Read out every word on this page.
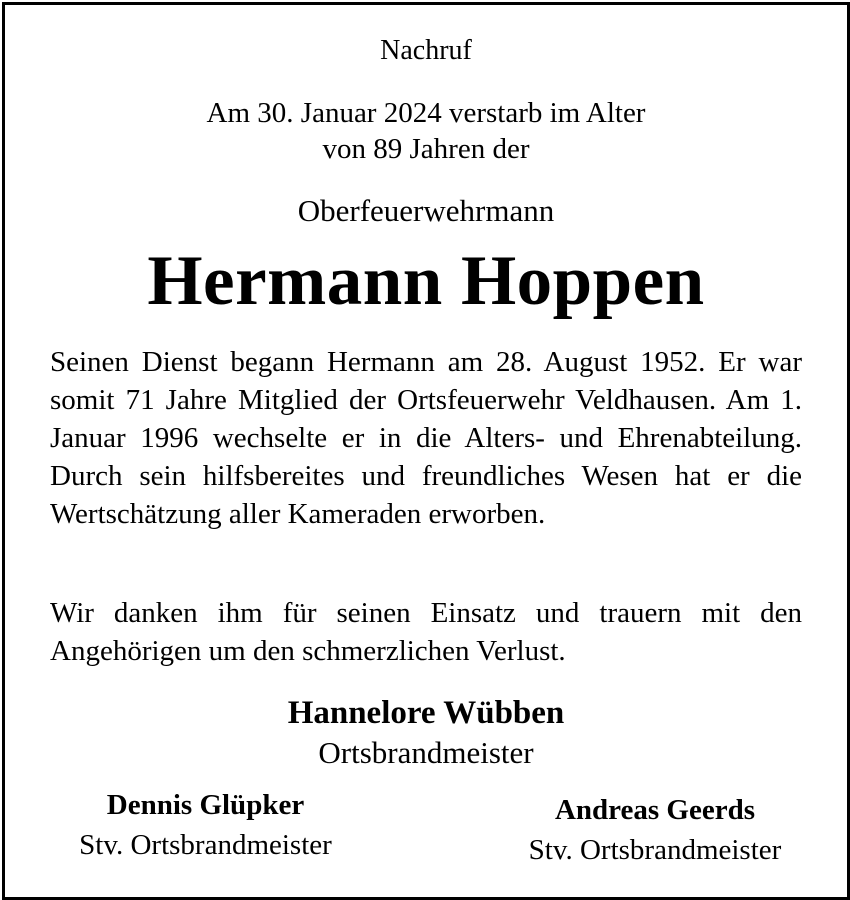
Nachruf
Am 30. Januar 2024 verstarb im Alter
von 89 Jahren der
Oberfeuerwehrmann
Hermann Hoppen

Seinen Dienst begann Hermann am 28. August 1952. Er war somit 71 Jahre Mitglied der Ortsfeuerwehr Veldhausen. Am 1. Januar 1996 wechselte er in die Alters- und Ehrenabteilung. Durch sein hilfsbereites und freundliches Wesen hat er die Wertschätzung aller Kameraden erworben.

Wir danken ihm für seinen Einsatz und trauern mit den Angehörigen um den schmerzlichen Verlust.

Hannelore Wübben
Ortsbrandmeister
Dennis Glüpker
Stv. Ortsbrandmeister
Andreas Geerds
Stv. Ortsbrandmeister
